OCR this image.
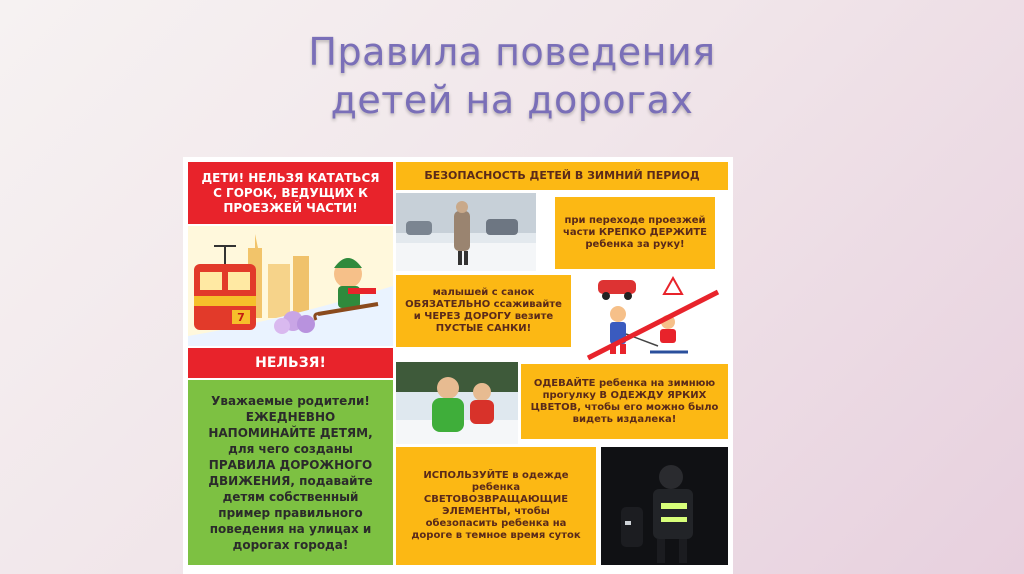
Правила поведения
детей на дорогах
ДЕТИ! НЕЛЬЗЯ КАТАТЬСЯ С ГОРОК, ВЕДУЩИХ К ПРОЕЗЖЕЙ ЧАСТИ!
7
НЕЛЬЗЯ!
Уважаемые родители! ЕЖЕДНЕВНО НАПОМИНАЙТЕ ДЕТЯМ, для чего созданы ПРАВИЛА ДОРОЖНОГО ДВИЖЕНИЯ, подавайте детям собственный пример правильного поведения на улицах и дорогах города!
БЕЗОПАСНОСТЬ ДЕТЕЙ В ЗИМНИЙ ПЕРИОД
при переходе проезжей части КРЕПКО ДЕРЖИТЕ ребенка за руку!
малышей с санок ОБЯЗАТЕЛЬНО ссаживайте и ЧЕРЕЗ ДОРОГУ везите ПУСТЫЕ САНКИ!
ОДЕВАЙТЕ ребенка на зимнюю прогулку В ОДЕЖДУ ЯРКИХ ЦВЕТОВ, чтобы его можно было видеть издалека!
ИСПОЛЬЗУЙТЕ в одежде ребенка СВЕТОВОЗВРАЩАЮЩИЕ ЭЛЕМЕНТЫ, чтобы обезопасить ребенка на дороге в темное время суток
